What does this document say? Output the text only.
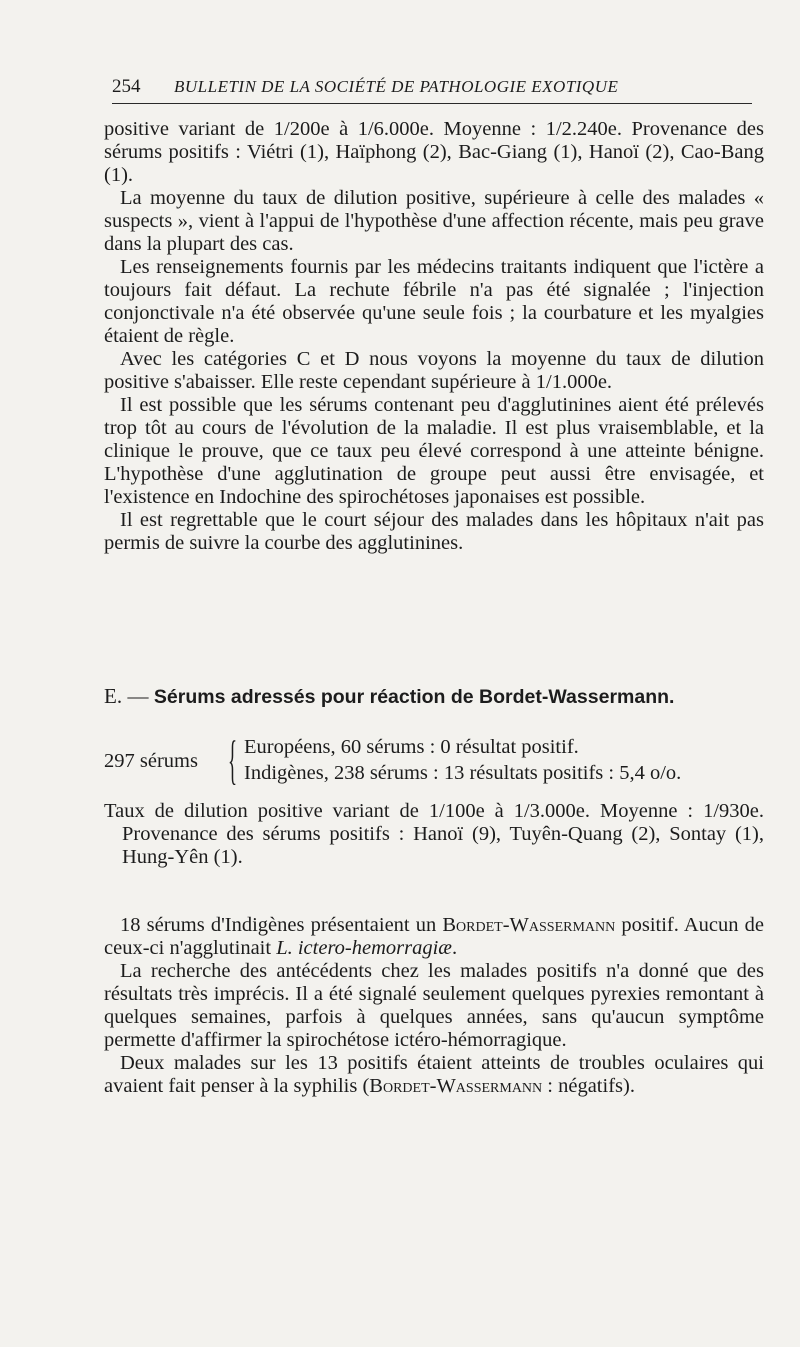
254 BULLETIN DE LA SOCIÉTÉ DE PATHOLOGIE EXOTIQUE

positive variant de 1/200e à 1/6.000e. Moyenne : 1/2.240e. Provenance des sérums positifs : Viétri (1), Haïphong (2), Bac-Giang (1), Hanoï (2), Cao-Bang (1).

La moyenne du taux de dilution positive, supérieure à celle des malades « suspects », vient à l'appui de l'hypothèse d'une affection récente, mais peu grave dans la plupart des cas.

Les renseignements fournis par les médecins traitants indiquent que l'ictère a toujours fait défaut. La rechute fébrile n'a pas été signalée ; l'injection conjonctivale n'a été observée qu'une seule fois ; la courbature et les myalgies étaient de règle.

Avec les catégories C et D nous voyons la moyenne du taux de dilution positive s'abaisser. Elle reste cependant supérieure à 1/1.000e.

Il est possible que les sérums contenant peu d'agglutinines aient été prélevés trop tôt au cours de l'évolution de la maladie. Il est plus vraisemblable, et la clinique le prouve, que ce taux peu élevé correspond à une atteinte bénigne. L'hypothèse d'une agglutination de groupe peut aussi être envisagée, et l'existence en Indochine des spirochétoses japonaises est possible.

Il est regrettable que le court séjour des malades dans les hôpitaux n'ait pas permis de suivre la courbe des agglutinines.

E. — Sérums adressés pour réaction de Bordet-Wassermann.
297 sérums { Européens, 60 sérums : 0 résultat positif.
Indigènes, 238 sérums : 13 résultats positifs : 5,4 o/o.

Taux de dilution positive variant de 1/100e à 1/3.000e. Moyenne : 1/930e. Provenance des sérums positifs : Hanoï (9), Tuyên-Quang (2), Sontay (1), Hung-Yên (1).

18 sérums d'Indigènes présentaient un Bordet-Wassermann positif. Aucun de ceux-ci n'agglutinait L. ictero-hemorragiæ.

La recherche des antécédents chez les malades positifs n'a donné que des résultats très imprécis. Il a été signalé seulement quelques pyrexies remontant à quelques semaines, parfois à quelques années, sans qu'aucun symptôme permette d'affirmer la spirochétose ictéro-hémorragique.

Deux malades sur les 13 positifs étaient atteints de troubles oculaires qui avaient fait penser à la syphilis (Bordet-Wassermann : négatifs).
